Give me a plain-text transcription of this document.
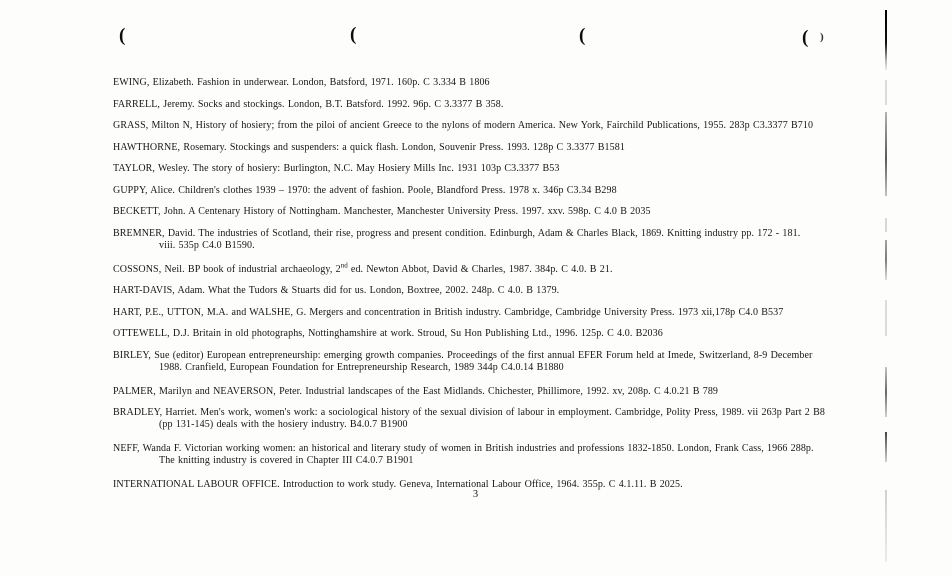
(	(	(	( )
EWING, Elizabeth. Fashion in underwear. London, Batsford, 1971. 160p. C 3.334 B 1806
FARRELL, Jeremy. Socks and stockings. London, B.T. Batsford. 1992. 96p. C 3.3377 B 358.
GRASS, Milton N, History of hosiery; from the piloi of ancient Greece to the nylons of modern America. New York, Fairchild Publications, 1955. 283p C3.3377 B710
HAWTHORNE, Rosemary. Stockings and suspenders: a quick flash. London, Souvenir Press. 1993. 128p C 3.3377 B1581
TAYLOR, Wesley. The story of hosiery: Burlington, N.C. May Hosiery Mills Inc. 1931 103p C3.3377 B53
GUPPY, Alice. Children's clothes 1939 – 1970: the advent of fashion. Poole, Blandford Press. 1978 x. 346p C3.34 B298
BECKETT, John. A Centenary History of Nottingham. Manchester, Manchester University Press. 1997. xxv. 598p. C 4.0 B 2035
BREMNER, David. The industries of Scotland, their rise, progress and present condition. Edinburgh, Adam & Charles Black, 1869. Knitting industry pp. 172 - 181.
viii. 535p C4.0 B1590.
COSSONS, Neil. BP book of industrial archaeology, 2nd ed. Newton Abbot, David & Charles, 1987. 384p. C 4.0. B 21.
HART-DAVIS, Adam. What the Tudors & Stuarts did for us. London, Boxtree, 2002. 248p. C 4.0. B 1379.
HART, P.E., UTTON, M.A. and WALSHE, G. Mergers and concentration in British industry. Cambridge, Cambridge University Press. 1973 xii,178p C4.0 B537
OTTEWELL, D.J. Britain in old photographs, Nottinghamshire at work. Stroud, Su Hon Publishing Ltd., 1996. 125p. C 4.0. B2036
BIRLEY, Sue (editor) European entrepreneurship: emerging growth companies. Proceedings of the first annual EFER Forum held at Imede, Switzerland, 8-9 December
1988. Cranfield, European Foundation for Entrepreneurship Research, 1989 344p C4.0.14 B1880
PALMER, Marilyn and NEAVERSON, Peter. Industrial landscapes of the East Midlands. Chichester, Phillimore, 1992. xv, 208p. C 4.0.21 B 789
BRADLEY, Harriet. Men's work, women's work: a sociological history of the sexual division of labour in employment. Cambridge, Polity Press, 1989. vii 263p Part 2 B8
(pp 131-145) deals with the hosiery industry. B4.0.7 B1900
NEFF, Wanda F. Victorian working women: an historical and literary study of women in British industries and professions 1832-1850. London, Frank Cass, 1966 288p.
The knitting industry is covered in Chapter III C4.0.7 B1901
INTERNATIONAL LABOUR OFFICE. Introduction to work study. Geneva, International Labour Office, 1964. 355p. C 4.1.11. B 2025.
3
